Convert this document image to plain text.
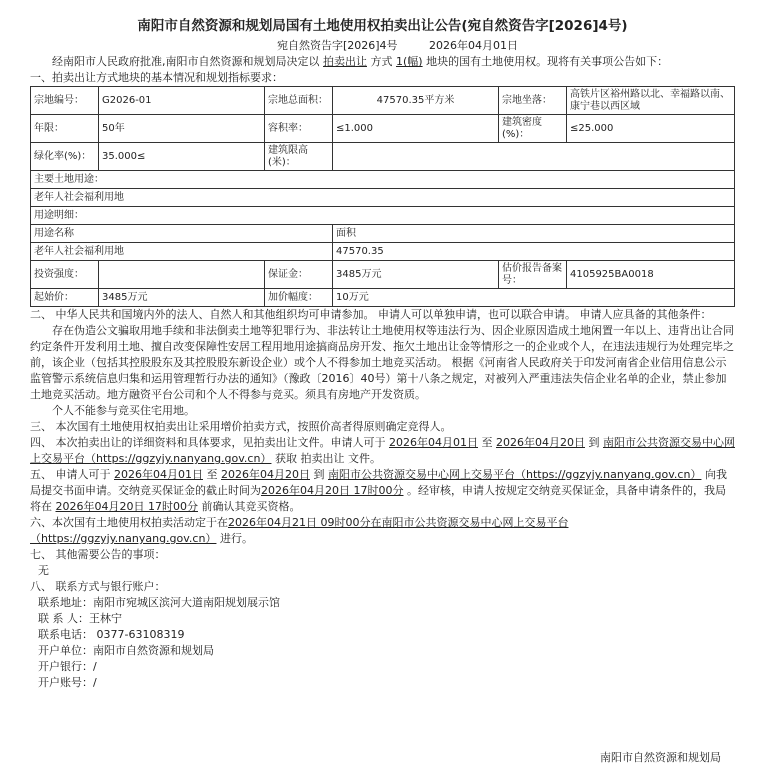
南阳市自然资源和规划局国有土地使用权拍卖出让公告(宛自然资告字[2026]4号)
宛自然资告字[2026]4号	2026年04月01日

经南阳市人民政府批准,南阳市自然资源和规划局决定以 拍卖出让 方式 1(幅) 地块的国有土地使用权。现将有关事项公告如下：

一、拍卖出让方式地块的基本情况和规划指标要求：

宗地编号：	G2026-01	宗地总面积：	47570.35平方米	宗地坐落：	高铁片区裕州路以北、幸福路以南、康宁巷以西区域
年限：	50年	容积率：	≤1.000	建筑密度(%)：	≤25.000
绿化率(%)：	35.000≤	建筑限高(米)：			
主要土地用途：					
老年人社会福利用地					
用途明细：					
用途名称			面积		
老年人社会福利用地			47570.35		
投资强度：		保证金：	3485万元	估价报告备案号：	4105925BA0018
起始价：	3485万元	加价幅度：	10万元		

二、 中华人民共和国境内外的法人、自然人和其他组织均可申请参加。 申请人可以单独申请，也可以联合申请。 申请人应具备的其他条件：

存在伪造公文骗取用地手续和非法倒卖土地等犯罪行为、非法转让土地使用权等违法行为、因企业原因造成土地闲置一年以上、违背出让合同约定条件开发利用土地、擅自改变保障性安居工程用地用途搞商品房开发、拖欠土地出让金等情形之一的企业或个人，在违法违规行为处理完毕之前，该企业（包括其控股股东及其控股股东新设企业）或个人不得参加土地竞买活动。 根据《河南省人民政府关于印发河南省企业信用信息公示监管警示系统信息归集和运用管理暂行办法的通知》（豫政〔2016〕40号）第十八条之规定，对被列入严重违法失信企业名单的企业，禁止参加土地竞买活动。地方融资平台公司和个人不得参与竞买。须具有房地产开发资质。

个人不能参与竞买住宅用地。

三、 本次国有土地使用权拍卖出让采用增价拍卖方式，按照价高者得原则确定竞得人。

四、 本次拍卖出让的详细资料和具体要求，见拍卖出让文件。申请人可于 2026年04月01日 至 2026年04月20日 到 南阳市公共资源交易中心网上交易平台（https://ggzyjy.nanyang.gov.cn） 获取 拍卖出让 文件。

五、 申请人可于 2026年04月01日 至 2026年04月20日 到 南阳市公共资源交易中心网上交易平台（https://ggzyjy.nanyang.gov.cn） 向我局提交书面申请。交纳竞买保证金的截止时间为2026年04月20日 17时00分 。经审核，申请人按规定交纳竞买保证金，具备申请条件的，我局将在 2026年04月20日 17时00分 前确认其竞买资格。

六、本次国有土地使用权拍卖活动定于在2026年04月21日 09时00分在南阳市公共资源交易中心网上交易平台（https://ggzyjy.nanyang.gov.cn） 进行。

七、 其他需要公告的事项：

无

八、 联系方式与银行账户：

联系地址：南阳市宛城区滨河大道南阳规划展示馆

联 系 人：王林宁

联系电话： 0377-63108319

开户单位：南阳市自然资源和规划局

开户银行：/

开户账号：/

南阳市自然资源和规划局
